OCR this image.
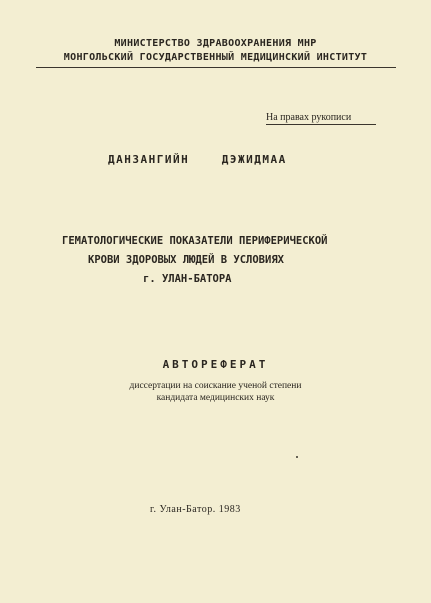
МИНИСТЕРСТВО ЗДРАВООХРАНЕНИЯ МНР
МОНГОЛЬСКИЙ ГОСУДАРСТВЕННЫЙ МЕДИЦИНСКИЙ ИНСТИТУТ
На правах рукописи
ДАНЗАНГИЙН    ДЭЖИДМАА
ГЕМАТОЛОГИЧЕСКИЕ ПОКАЗАТЕЛИ ПЕРИФЕРИЧЕСКОЙ
КРОВИ ЗДОРОВЫХ ЛЮДЕЙ В УСЛОВИЯХ
г. УЛАН-БАТОРА
АВТОРЕФЕРАТ
диссертации на соискание ученой степени
кандидата медицинских наук
г. Улан-Батор. 1983
